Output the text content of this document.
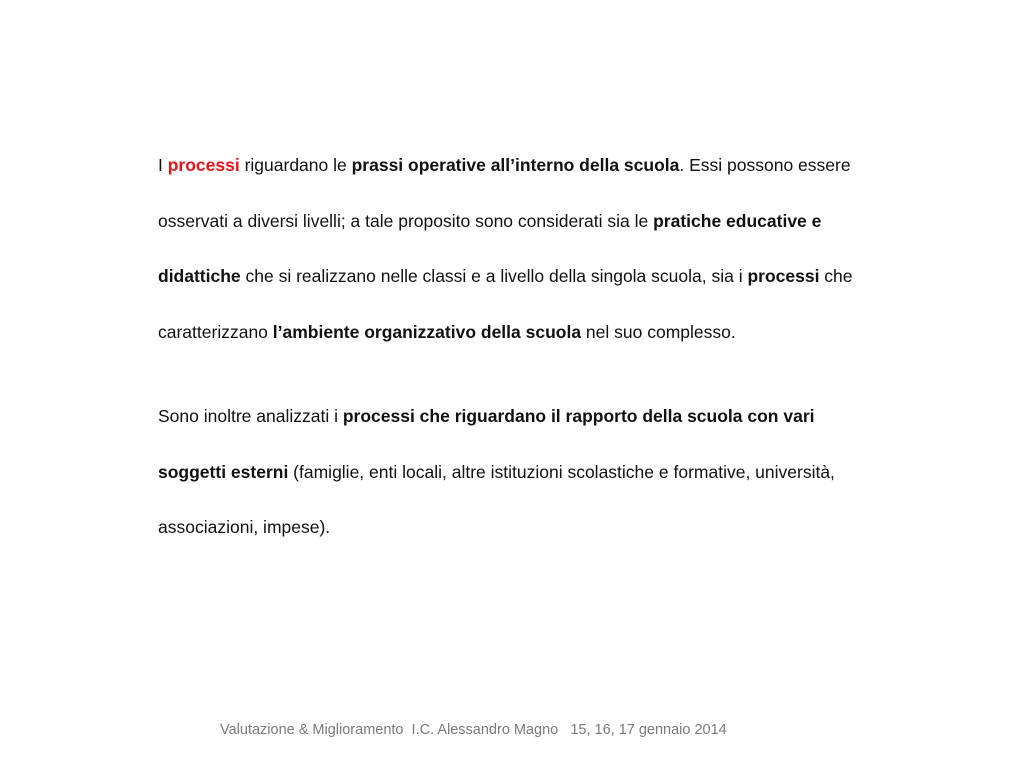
I processi riguardano le prassi operative all’interno della scuola. Essi possono essere osservati a diversi livelli; a tale proposito sono considerati sia le pratiche educative e didattiche che si realizzano nelle classi e a livello della singola scuola, sia i processi che caratterizzano l’ambiente organizzativo della scuola nel suo complesso.

Sono inoltre analizzati i processi che riguardano il rapporto della scuola con vari soggetti esterni (famiglie, enti locali, altre istituzioni scolastiche e formative, università, associazioni, impese).

Valutazione & Miglioramento  I.C. Alessandro Magno   15, 16, 17 gennaio 2014
